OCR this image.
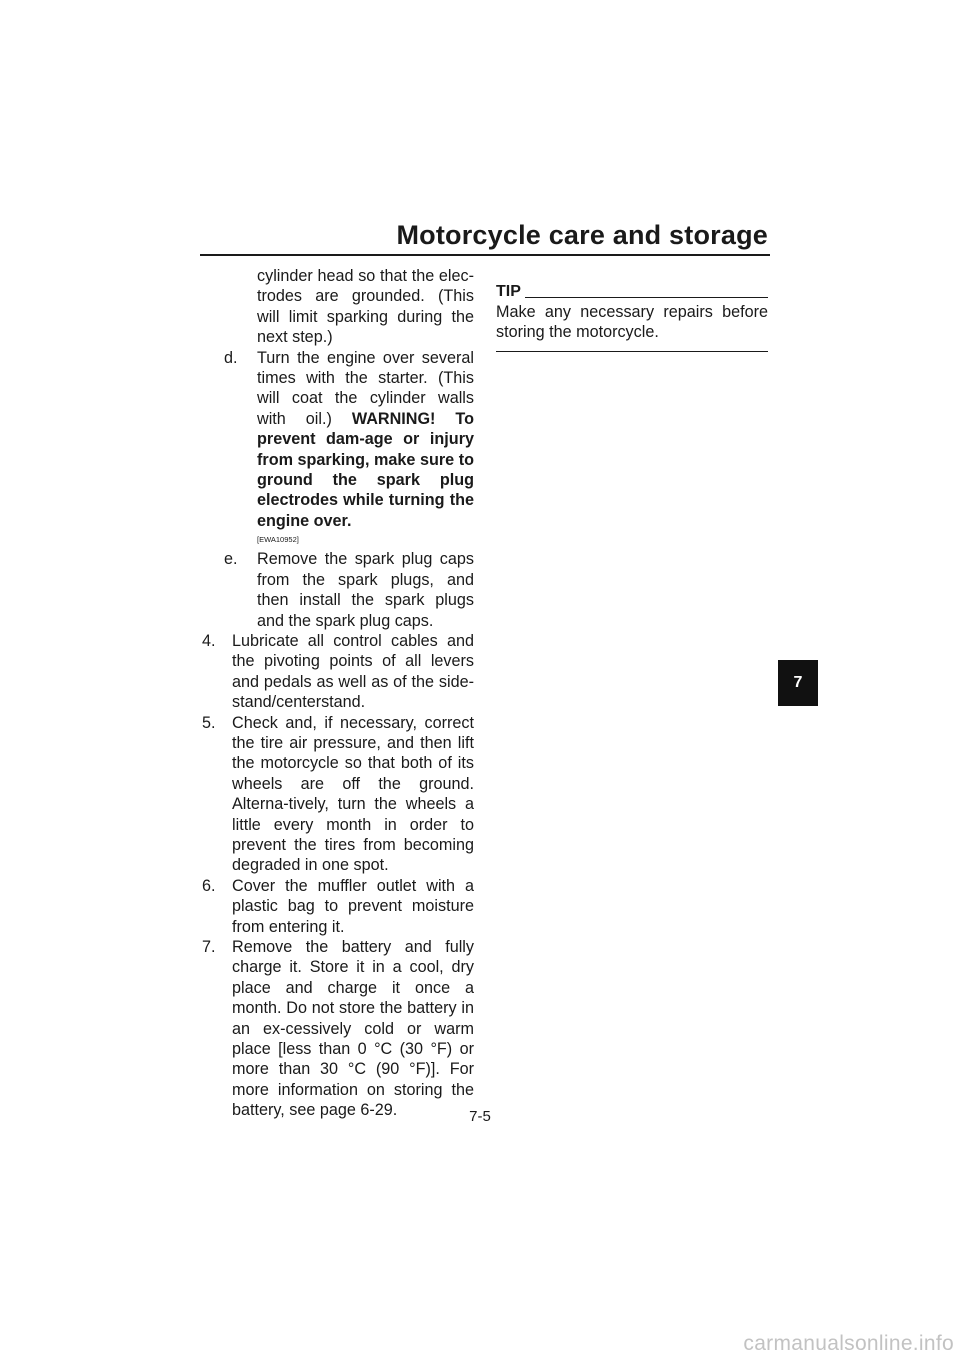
Motorcycle care and storage
cylinder head so that the elec-trodes are grounded. (This will limit sparking during the next step.)
d. Turn the engine over several times with the starter. (This will coat the cylinder walls with oil.) WARNING! To prevent dam-age or injury from sparking, make sure to ground the spark plug electrodes while turning the engine over.
[EWA10952]
e. Remove the spark plug caps from the spark plugs, and then install the spark plugs and the spark plug caps.
4. Lubricate all control cables and the pivoting points of all levers and pedals as well as of the side-stand/centerstand.
5. Check and, if necessary, correct the tire air pressure, and then lift the motorcycle so that both of its wheels are off the ground. Alterna-tively, turn the wheels a little every month in order to prevent the tires from becoming degraded in one spot.
6. Cover the muffler outlet with a plastic bag to prevent moisture from entering it.
7. Remove the battery and fully charge it. Store it in a cool, dry place and charge it once a month. Do not store the battery in an ex-cessively cold or warm place [less than 0 °C (30 °F) or more than 30 °C (90 °F)]. For more information on storing the battery, see page 6-29.
TIP
Make any necessary repairs before storing the motorcycle.
7
7-5
carmanualsonline.info
